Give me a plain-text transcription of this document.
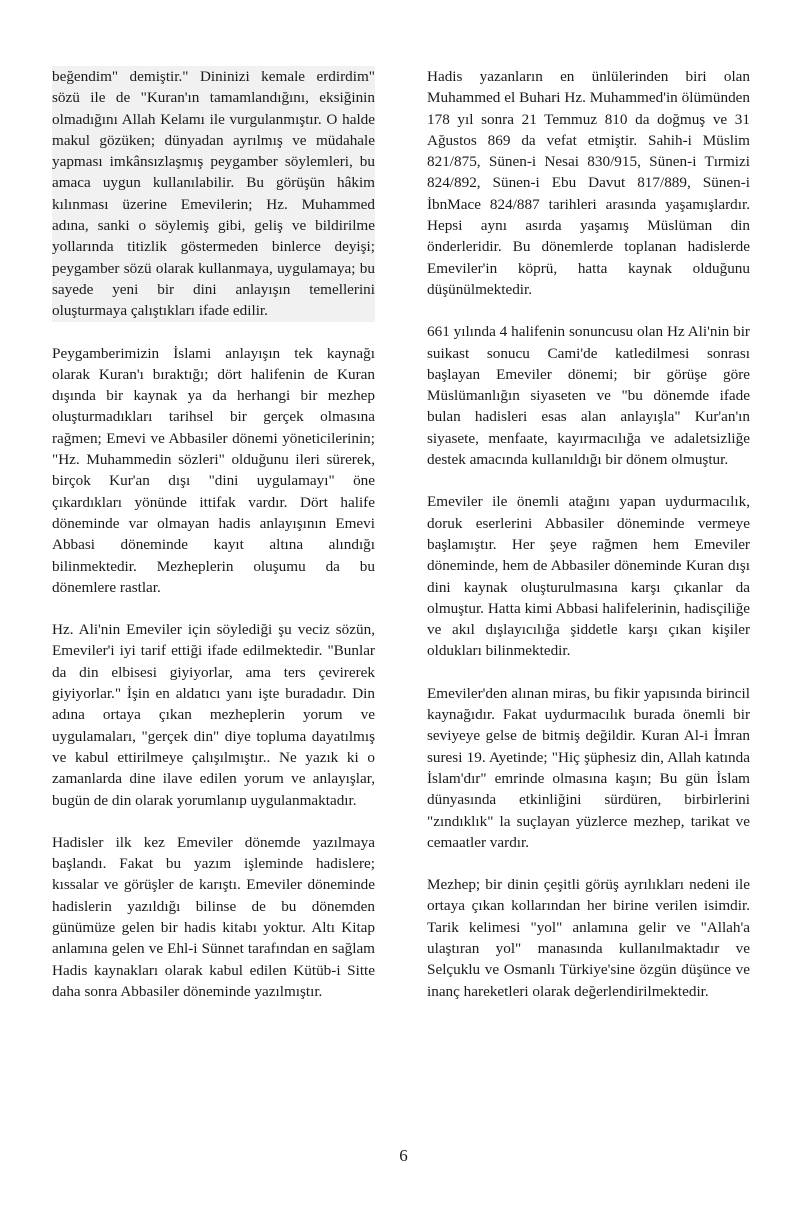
beğendim" demiştir." Dininizi kemale erdirdim" sözü ile de "Kuran'ın tamamlandığını, eksiğinin olmadığını Allah Kelamı ile vurgulanmıştır. O halde makul gözüken; dünyadan ayrılmış ve müdahale yapması imkânsızlaşmış peygamber söylemleri, bu amaca uygun kullanılabilir. Bu görüşün hâkim kılınması üzerine Emevilerin; Hz. Muhammed adına, sanki o söylemiş gibi, geliş ve bildirilme yollarında titizlik göstermeden binlerce deyişi; peygamber sözü olarak kullanmaya, uygulamaya; bu sayede yeni bir dini anlayışın temellerini oluşturmaya çalıştıkları ifade edilir.

Peygamberimizin İslami anlayışın tek kaynağı olarak Kuran'ı bıraktığı; dört halifenin de Kuran dışında bir kaynak ya da herhangi bir mezhep oluşturmadıkları tarihsel bir gerçek olmasına rağmen; Emevi ve Abbasiler dönemi yöneticilerinin; "Hz. Muhammedin sözleri" olduğunu ileri sürerek, birçok Kur'an dışı "dini uygulamayı" öne çıkardıkları yönünde ittifak vardır. Dört halife döneminde var olmayan hadis anlayışının Emevi Abbasi döneminde kayıt altına alındığı bilinmektedir. Mezheplerin oluşumu da bu dönemlere rastlar.

Hz. Ali'nin Emeviler için söylediği şu veciz sözün, Emeviler'i iyi tarif ettiği ifade edilmektedir. "Bunlar da din elbisesi giyiyorlar, ama ters çevirerek giyiyorlar." İşin en aldatıcı yanı işte buradadır. Din adına ortaya çıkan mezheplerin yorum ve uygulamaları, "gerçek din" diye topluma dayatılmış ve kabul ettirilmeye çalışılmıştır.. Ne yazık ki o zamanlarda dine ilave edilen yorum ve anlayışlar, bugün de din olarak yorumlanıp uygulanmaktadır.

Hadisler ilk kez Emeviler dönemde yazılmaya başlandı. Fakat bu yazım işleminde hadislere; kıssalar ve görüşler de karıştı. Emeviler döneminde hadislerin yazıldığı bilinse de bu dönemden günümüze gelen bir hadis kitabı yoktur. Altı Kitap anlamına gelen ve Ehl-i Sünnet tarafından en sağlam Hadis kaynakları olarak kabul edilen Kütüb-i Sitte daha sonra Abbasiler döneminde yazılmıştır.

Hadis yazanların en ünlülerinden biri olan Muhammed el Buhari Hz. Muhammed'in ölümünden 178 yıl sonra 21 Temmuz 810 da doğmuş ve 31 Ağustos 869 da vefat etmiştir. Sahih-i Müslim 821/875, Sünen-i Nesai 830/915, Sünen-i Tırmizi 824/892, Sünen-i Ebu Davut 817/889, Sünen-i İbnMace 824/887 tarihleri arasında yaşamışlardır. Hepsi aynı asırda yaşamış Müslüman din önderleridir. Bu dönemlerde toplanan hadislerde Emeviler'in köprü, hatta kaynak olduğunu düşünülmektedir.

661 yılında 4 halifenin sonuncusu olan Hz Ali'nin bir suikast sonucu Cami'de katledilmesi sonrası başlayan Emeviler dönemi; bir görüşe göre Müslümanlığın siyaseten ve "bu dönemde ifade bulan hadisleri esas alan anlayışla" Kur'an'ın siyasete, menfaate, kayırmacılığa ve adaletsizliğe destek amacında kullanıldığı bir dönem olmuştur.

Emeviler ile önemli atağını yapan uydurmacılık, doruk eserlerini Abbasiler döneminde vermeye başlamıştır. Her şeye rağmen hem Emeviler döneminde, hem de Abbasiler döneminde Kuran dışı dini kaynak oluşturulmasına karşı çıkanlar da olmuştur. Hatta kimi Abbasi halifelerinin, hadisçiliğe ve akıl dışlayıcılığa şiddetle karşı çıkan kişiler oldukları bilinmektedir.

Emeviler'den alınan miras, bu fikir yapısında birincil kaynağıdır. Fakat uydurmacılık burada önemli bir seviyeye gelse de bitmiş değildir. Kuran Al-i İmran suresi 19. Ayetinde; "Hiç şüphesiz din, Allah katında İslam'dır" emrinde olmasına kaşın; Bu gün İslam dünyasında etkinliğini sürdüren, birbirlerini "zındıklık" la suçlayan yüzlerce mezhep, tarikat ve cemaatler vardır.

Mezhep; bir dinin çeşitli görüş ayrılıkları nedeni ile ortaya çıkan kollarından her birine verilen isimdir. Tarik kelimesi "yol" anlamına gelir ve "Allah'a ulaştıran yol" manasında kullanılmaktadır ve Selçuklu ve Osmanlı Türkiye'sine özgün düşünce ve inanç hareketleri olarak değerlendirilmektedir.

6
